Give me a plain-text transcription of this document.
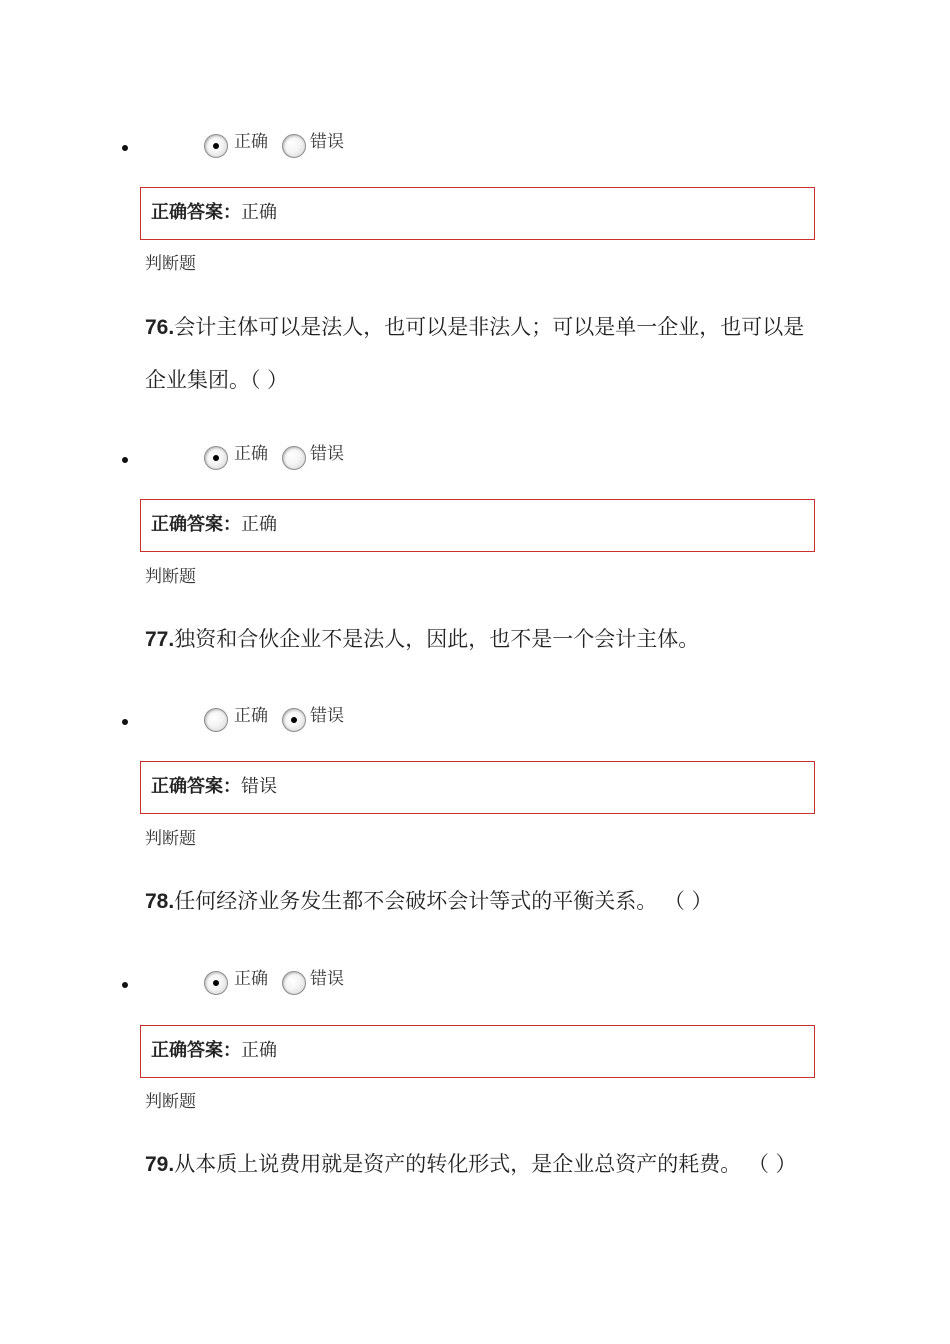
正确 错误
正确答案：正确
判断题
76.会计主体可以是法人，也可以是非法人；可以是单一企业，也可以是企业集团。（ ）
正确 错误
正确答案：正确
判断题
77.独资和合伙企业不是法人，因此，也不是一个会计主体。
正确 错误
正确答案：错误
判断题
78.任何经济业务发生都不会破坏会计等式的平衡关系。 （ ）
正确 错误
正确答案：正确
判断题
79.从本质上说费用就是资产的转化形式，是企业总资产的耗费。 （ ）
